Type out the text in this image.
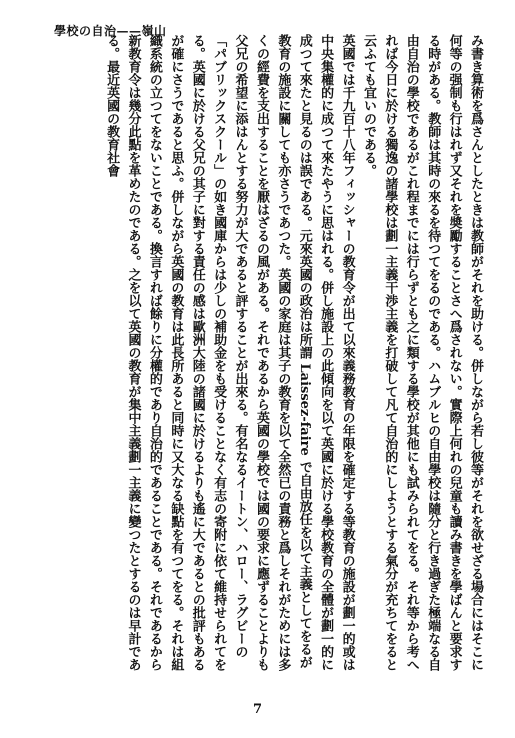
學校の自治——嶺山

み書き算術を爲さんとしたときは教師がそれを助ける。併しながら若し彼等がそれを欲せざる場合にはそこに何等の强制も行はれず又それを奬勵することさへ爲されない。實際上何れの兒童も讀み書きを學ばんと要求する時がある。教師は其時の來るを待つてをるのである。ハムブルヒの自由學校は隨分と行き過ぎた極端なる自由自治の學校であるがこれ程までには行らずとも之に類する學校が其他にも試みられてをる。それ等から考へれば今日に於ける獨逸の諸學校は劃一主義干渉主義を打破して凡て自治的にしようとする氣分が充ちてをると云ふても宜いのである。

英國では千九百十八年フィッシャーの教育令が出て以來義務教育の年限を確定する等教育の施設が劃一的或は中央集權的に成つて來たやうに思はれる。併し施設上の此傾向を以て英國に於ける學校教育の全體が劃一的に成つて來たと見るのは誤である。元來英國の政治は所謂 Laissez-faire で自由放任を以て主義としてをるが教育の施設に關しても亦さうであつた。英國の家庭は其子の教育を以て全然已の責務と爲しそれがためには多くの經費を支出することを厭はざるの風がある。それであるから英國の學校では國の要求に應ずることよりも父兄の希望に添はんとする努力が大であると評することが出來る。有名なるイートン、ハロー、ラグビーの「パブリックスクール」の如き國庫からは少しの補助金をも受けることなく有志の寄附に依て維持せられてをる。英國に於ける父兄の其子に對する責任の感は歐洲大陸の諸國に於けるよりも遙に大であるとの批評もあるが確にさうであると思ふ。併しながら英國の教育は此長所あると同時に又大なる缺點を有つてをる。それは組織系統の立つてをないことである。換言すれば餘りに分權的であり自治的であることである。それであるから新教育令は幾分此點を革めたのである。之を以て英國の教育が集中主義劃一主義に變つたとするのは早計である。最近英國の教育社會

7
